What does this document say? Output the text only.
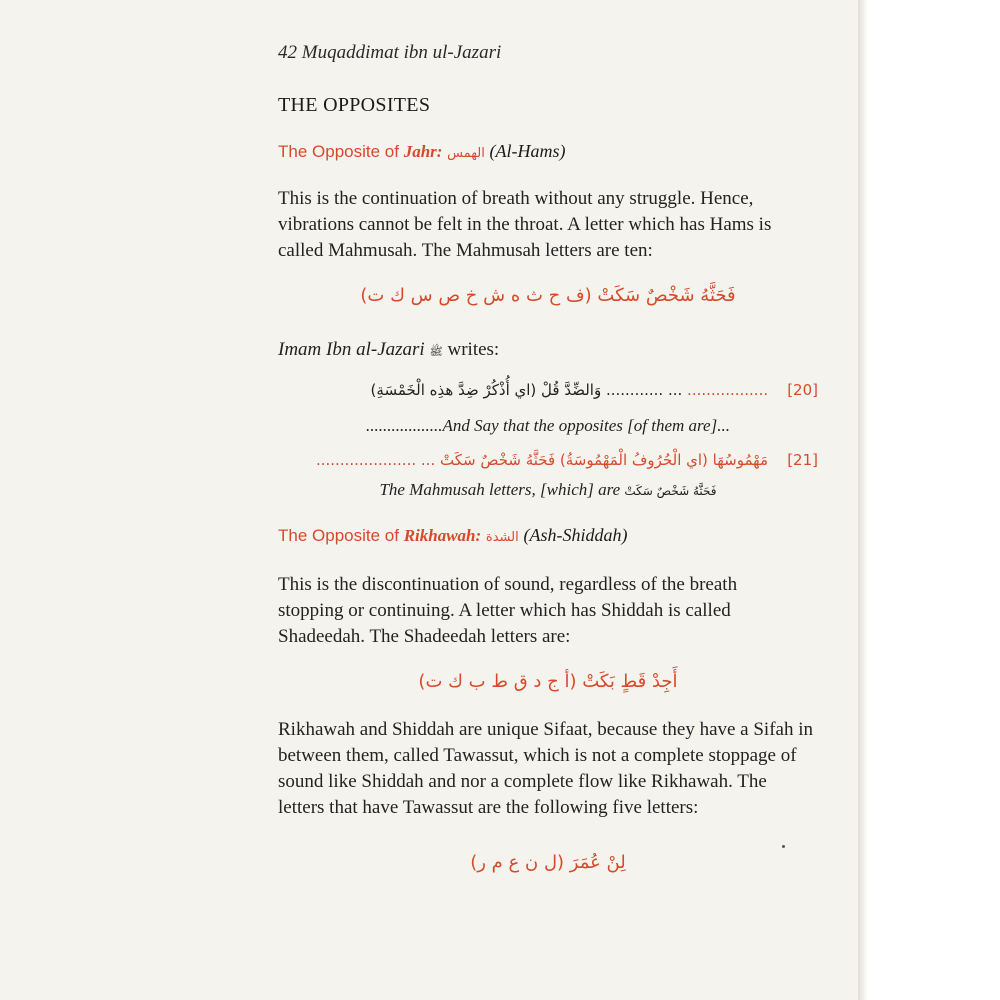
42 Muqaddimat ibn ul-Jazari
THE OPPOSITES
The Opposite of Jahr: الهمس (Al-Hams)

This is the continuation of breath without any struggle. Hence,

vibrations cannot be felt in the throat. A letter which has Hams is

called Mahmusah. The Mahmusah letters are ten:

فَحَثَّهُ شَخْصٌ سَكَتْ (ف ح ث ه ش خ ص س ك ت)
Imam Ibn al-Jazari ﷺ writes:
[20]    ................. ... ............ وَالضِّدَّ قُلْ (اي أُذْكُرْ ضِدَّ هذِه الْخَمْسَةِ)
..................And Say that the opposites [of them are]...
[21]    مَهْمُوسُهَا (اي الْحُرُوفُ الْمَهْمُوسَةُ) فَحَثَّهُ شَخْصٌ سَكَتْ ... .....................
The Mahmusah letters, [which] are فَحَثَّهُ شَخْصٌ سَكَتْ
The Opposite of Rikhawah: الشدة (Ash-Shiddah)

This is the discontinuation of sound, regardless of the breath

stopping or continuing. A letter which has Shiddah is called

Shadeedah. The Shadeedah letters are:

أَجِدْ قَطٍ بَكَتْ (أ ج د ق ط ب ك ت)

Rikhawah and Shiddah are unique Sifaat, because they have a Sifah in

between them, called Tawassut, which is not a complete stoppage of

sound like Shiddah and nor a complete flow like Rikhawah. The

letters that have Tawassut are the following five letters:

لِنْ عُمَرَ (ل ن ع م ر)
